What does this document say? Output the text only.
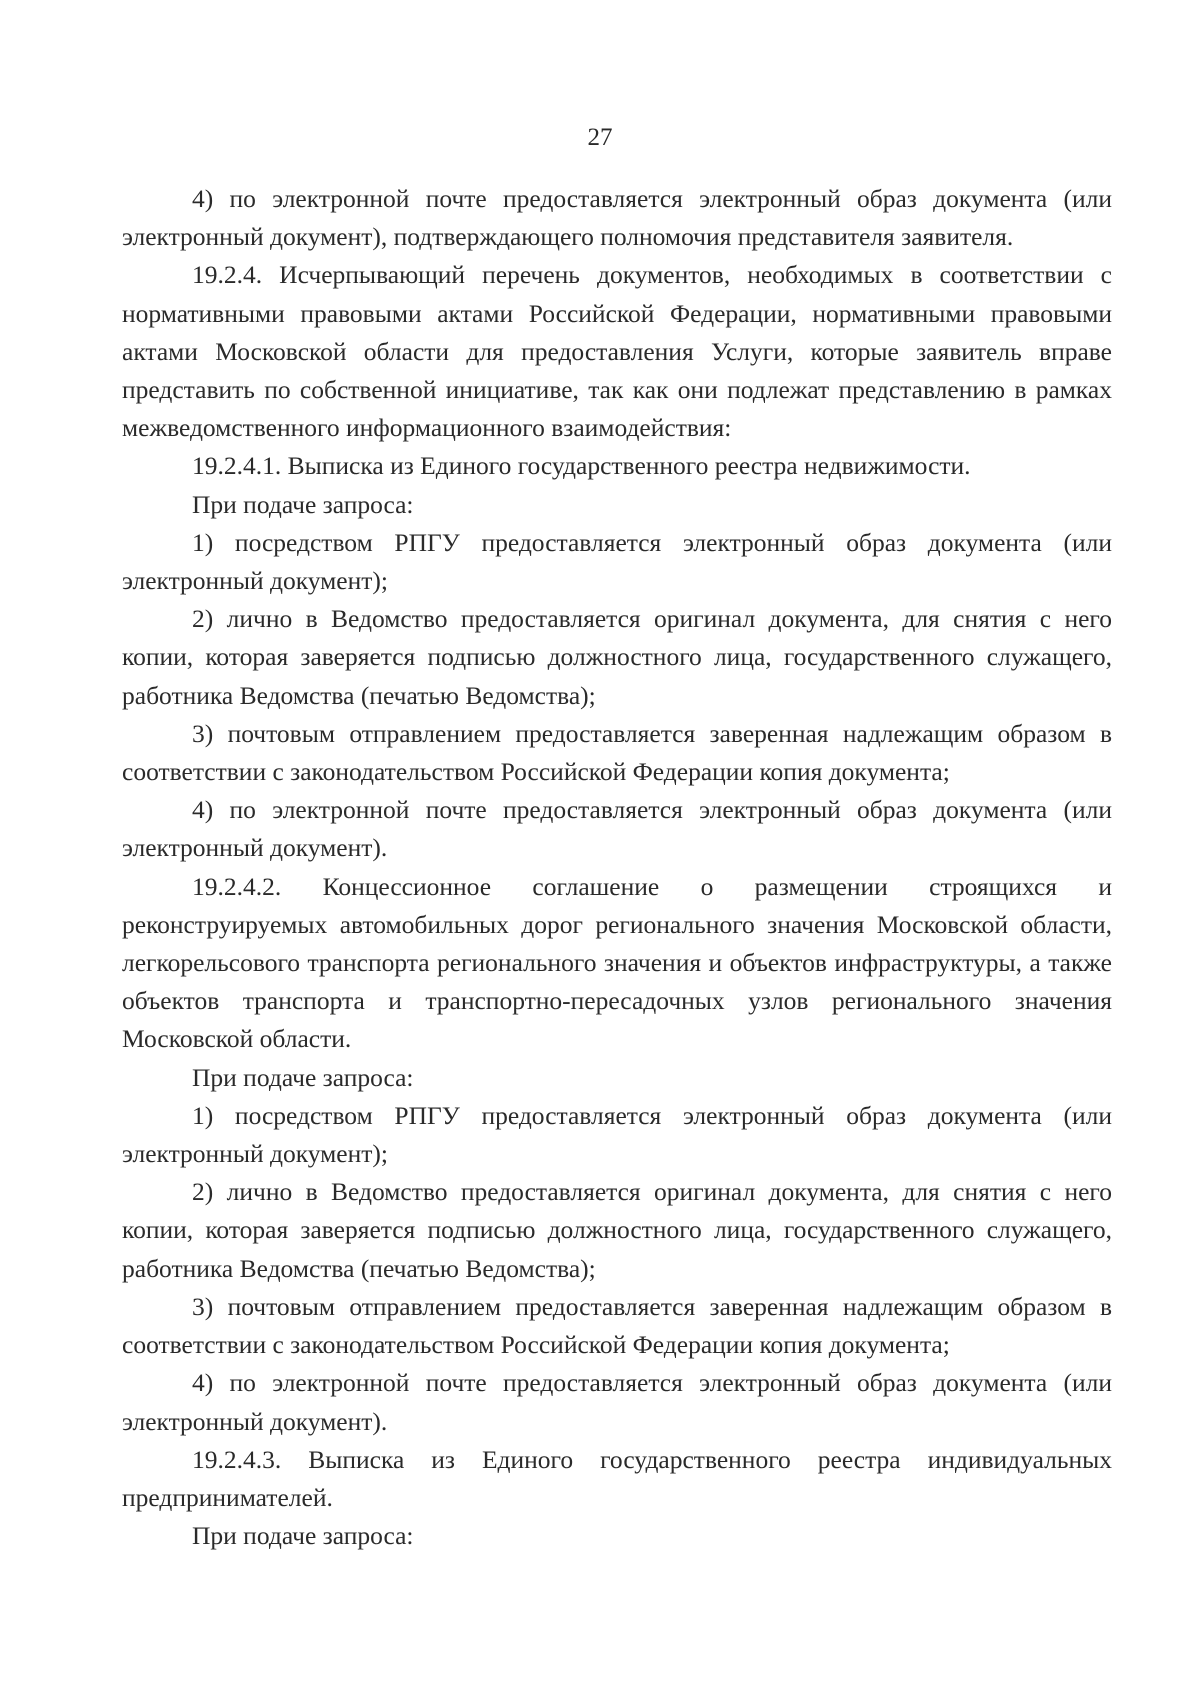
27

4) по электронной почте предоставляется электронный образ документа (или электронный документ), подтверждающего полномочия представителя заявителя.

19.2.4. Исчерпывающий перечень документов, необходимых в соответствии с нормативными правовыми актами Российской Федерации, нормативными правовыми актами Московской области для предоставления Услуги, которые заявитель вправе представить по собственной инициативе, так как они подлежат представлению в рамках межведомственного информационного взаимодействия:

19.2.4.1. Выписка из Единого государственного реестра недвижимости.

При подаче запроса:

1) посредством РПГУ предоставляется электронный образ документа (или электронный документ);

2) лично в Ведомство предоставляется оригинал документа, для снятия с него копии, которая заверяется подписью должностного лица, государственного служащего, работника Ведомства (печатью Ведомства);

3) почтовым отправлением предоставляется заверенная надлежащим образом в соответствии с законодательством Российской Федерации копия документа;

4) по электронной почте предоставляется электронный образ документа (или электронный документ).

19.2.4.2. Концессионное соглашение о размещении строящихся и реконструируемых автомобильных дорог регионального значения Московской области, легкорельсового транспорта регионального значения и объектов инфраструктуры, а также объектов транспорта и транспортно-пересадочных узлов регионального значения Московской области.

При подаче запроса:

1) посредством РПГУ предоставляется электронный образ документа (или электронный документ);

2) лично в Ведомство предоставляется оригинал документа, для снятия с него копии, которая заверяется подписью должностного лица, государственного служащего, работника Ведомства (печатью Ведомства);

3) почтовым отправлением предоставляется заверенная надлежащим образом в соответствии с законодательством Российской Федерации копия документа;

4) по электронной почте предоставляется электронный образ документа (или электронный документ).

19.2.4.3. Выписка из Единого государственного реестра индивидуальных предпринимателей.

При подаче запроса:
